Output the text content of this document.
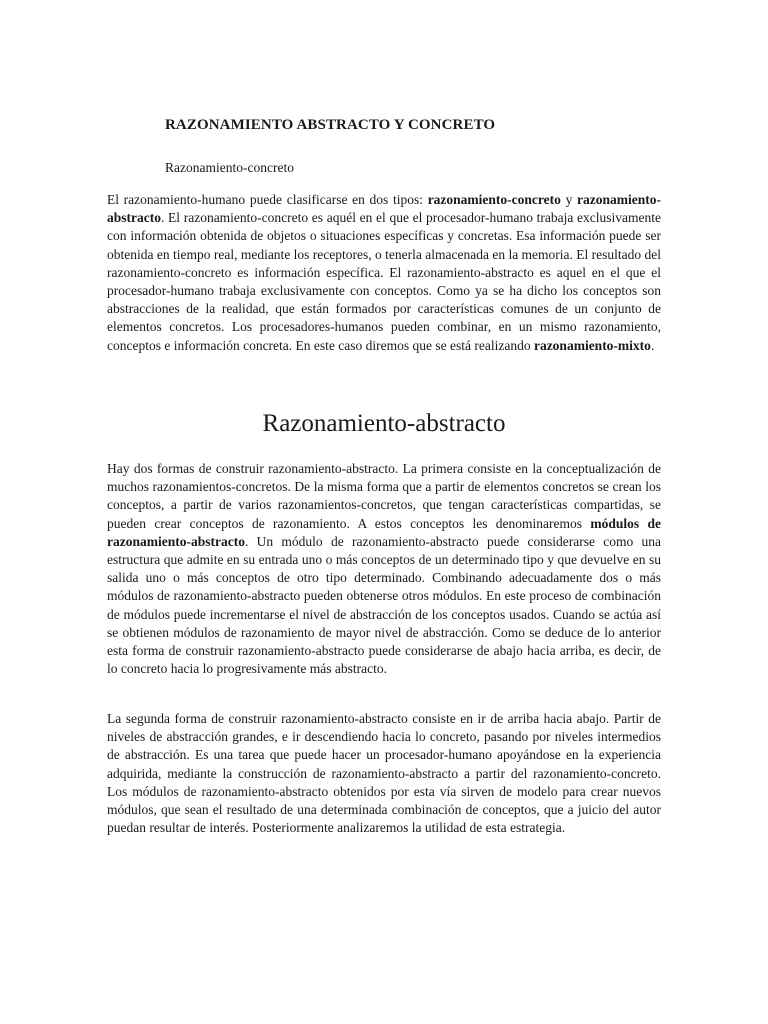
RAZONAMIENTO ABSTRACTO Y CONCRETO
Razonamiento-concreto

El razonamiento-humano puede clasificarse en dos tipos: razonamiento-concreto y razonamiento-abstracto. El razonamiento-concreto es aquél en el que el procesador-humano trabaja exclusivamente con información obtenida de objetos o situaciones específicas y concretas. Esa información puede ser obtenida en tiempo real, mediante los receptores, o tenerla almacenada en la memoria. El resultado del razonamiento-concreto es información específica. El razonamiento-abstracto es aquel en el que el procesador-humano trabaja exclusivamente con conceptos. Como ya se ha dicho los conceptos son abstracciones de la realidad, que están formados por características comunes de un conjunto de elementos concretos. Los procesadores-humanos pueden combinar, en un mismo razonamiento, conceptos e información concreta. En este caso diremos que se está realizando razonamiento-mixto.

Razonamiento-abstracto

Hay dos formas de construir razonamiento-abstracto. La primera consiste en la conceptualización de muchos razonamientos-concretos. De la misma forma que a partir de elementos concretos se crean los conceptos, a partir de varios razonamientos-concretos, que tengan características compartidas, se pueden crear conceptos de razonamiento. A estos conceptos les denominaremos módulos de razonamiento-abstracto. Un módulo de razonamiento-abstracto puede considerarse como una estructura que admite en su entrada uno o más conceptos de un determinado tipo y que devuelve en su salida uno o más conceptos de otro tipo determinado. Combinando adecuadamente dos o más módulos de razonamiento-abstracto pueden obtenerse otros módulos. En este proceso de combinación de módulos puede incrementarse el nivel de abstracción de los conceptos usados. Cuando se actúa así se obtienen módulos de razonamiento de mayor nivel de abstracción. Como se deduce de lo anterior esta forma de construir razonamiento-abstracto puede considerarse de abajo hacia arriba, es decir, de lo concreto hacia lo progresivamente más abstracto.

La segunda forma de construir razonamiento-abstracto consiste en ir de arriba hacia abajo. Partir de niveles de abstracción grandes, e ir descendiendo hacia lo concreto, pasando por niveles intermedios de abstracción. Es una tarea que puede hacer un procesador-humano apoyándose en la experiencia adquirida, mediante la construcción de razonamiento-abstracto a partir del razonamiento-concreto. Los módulos de razonamiento-abstracto obtenidos por esta vía sirven de modelo para crear nuevos módulos, que sean el resultado de una determinada combinación de conceptos, que a juicio del autor puedan resultar de interés. Posteriormente analizaremos la utilidad de esta estrategia.
